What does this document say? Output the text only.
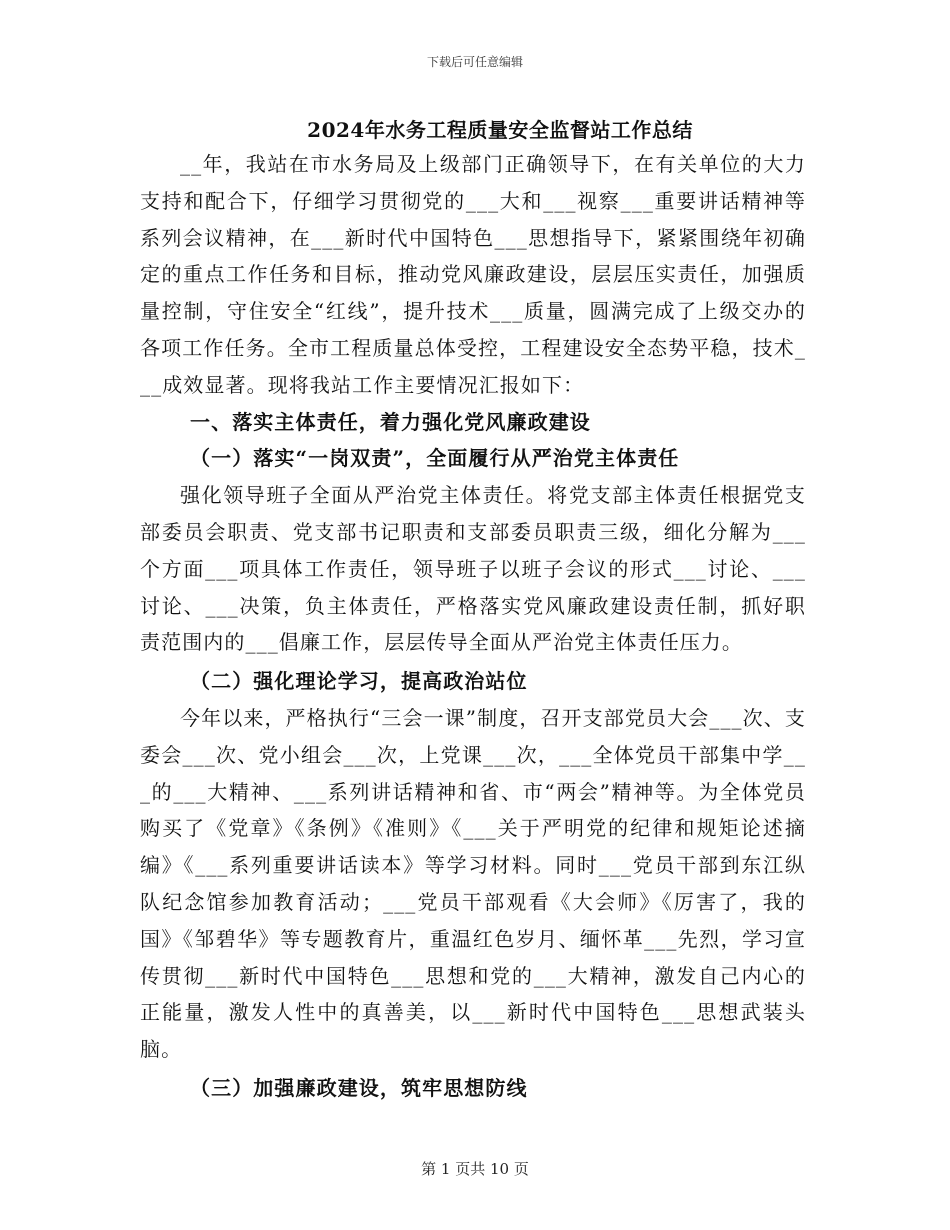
下载后可任意编辑
2024年水务工程质量安全监督站工作总结

__年，我站在市水务局及上级部门正确领导下，在有关单位的大力支持和配合下，仔细学习贯彻党的___大和___视察___重要讲话精神等系列会议精神，在___新时代中国特色___思想指导下，紧紧围绕年初确定的重点工作任务和目标，推动党风廉政建设，层层压实责任，加强质量控制，守住安全“红线”，提升技术___质量，圆满完成了上级交办的各项工作任务。全市工程质量总体受控，工程建设安全态势平稳，技术___成效显著。现将我站工作主要情况汇报如下：

一、落实主体责任，着力强化党风廉政建设

（一）落实“一岗双责”，全面履行从严治党主体责任

强化领导班子全面从严治党主体责任。将党支部主体责任根据党支部委员会职责、党支部书记职责和支部委员职责三级，细化分解为___个方面___项具体工作责任，领导班子以班子会议的形式___讨论、___讨论、___决策，负主体责任，严格落实党风廉政建设责任制，抓好职责范围内的___倡廉工作，层层传导全面从严治党主体责任压力。

（二）强化理论学习，提高政治站位

今年以来，严格执行“三会一课”制度，召开支部党员大会___次、支委会___次、党小组会___次，上党课___次，___全体党员干部集中学___的___大精神、___系列讲话精神和省、市“两会”精神等。为全体党员购买了《党章》《条例》《准则》《___关于严明党的纪律和规矩论述摘编》《___系列重要讲话读本》等学习材料。同时___党员干部到东江纵队纪念馆参加教育活动；___党员干部观看《大会师》《厉害了，我的国》《邹碧华》等专题教育片，重温红色岁月、缅怀革___先烈，学习宣传贯彻___新时代中国特色___思想和党的___大精神，激发自己内心的正能量，激发人性中的真善美，以___新时代中国特色___思想武装头脑。

（三）加强廉政建设，筑牢思想防线

第 1 页共 10 页
